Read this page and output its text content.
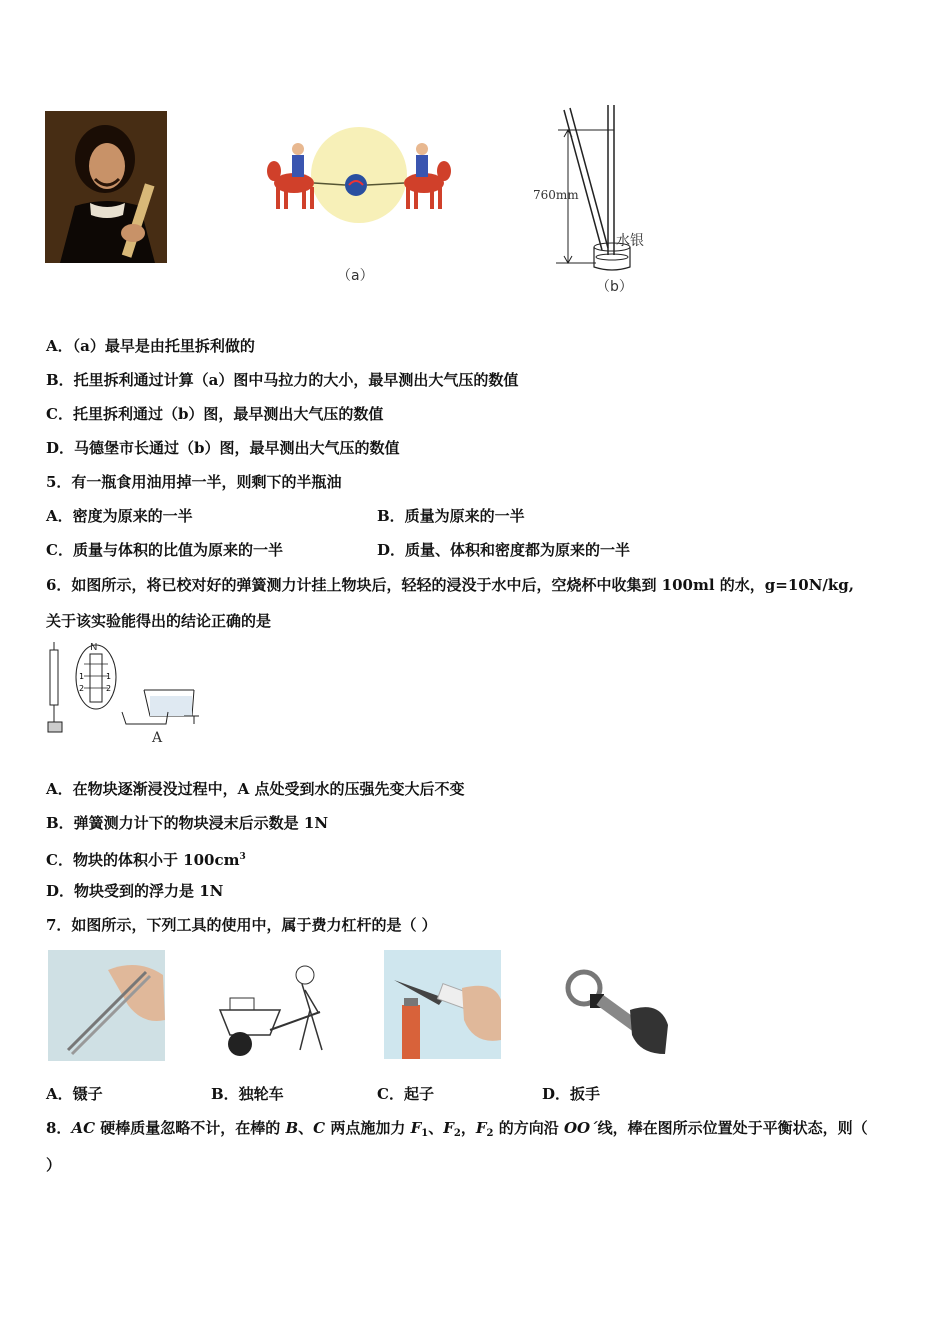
（a）
760mm
水银
（b）
A．（a）最早是由托里拆利做的
B．托里拆利通过计算（a）图中马拉力的大小，最早测出大气压的数值
C．托里拆利通过（b）图，最早测出大气压的数值
D．马德堡市长通过（b）图，最早测出大气压的数值
5．有一瓶食用油用掉一半，则剩下的半瓶油
A．密度为原来的一半	B．质量为原来的一半
C．质量与体积的比值为原来的一半	D．质量、体积和密度都为原来的一半
6．如图所示，将已校对好的弹簧测力计挂上物块后，轻轻的浸没于水中后，空烧杯中收集到 100ml 的水，g=10N/kg,
关于该实验能得出的结论正确的是
1	1
2	2
N
A
A．在物块逐渐浸没过程中，A 点处受到水的压强先变大后不变
B．弹簧测力计下的物块浸末后示数是 1N
C．物块的体积小于 $100cm^3$
D．物块受到的浮力是 1N
7．如图所示，下列工具的使用中，属于费力杠杆的是（ ）
A．镊子	B．独轮车	C．起子	D．扳手
8．AC 硬棒质量忽略不计，在棒的 B、C 两点施加力 $F_1$、$F_2$，$F_2$ 的方向沿 OO´线，棒在图所示位置处于平衡状态，则（
）
